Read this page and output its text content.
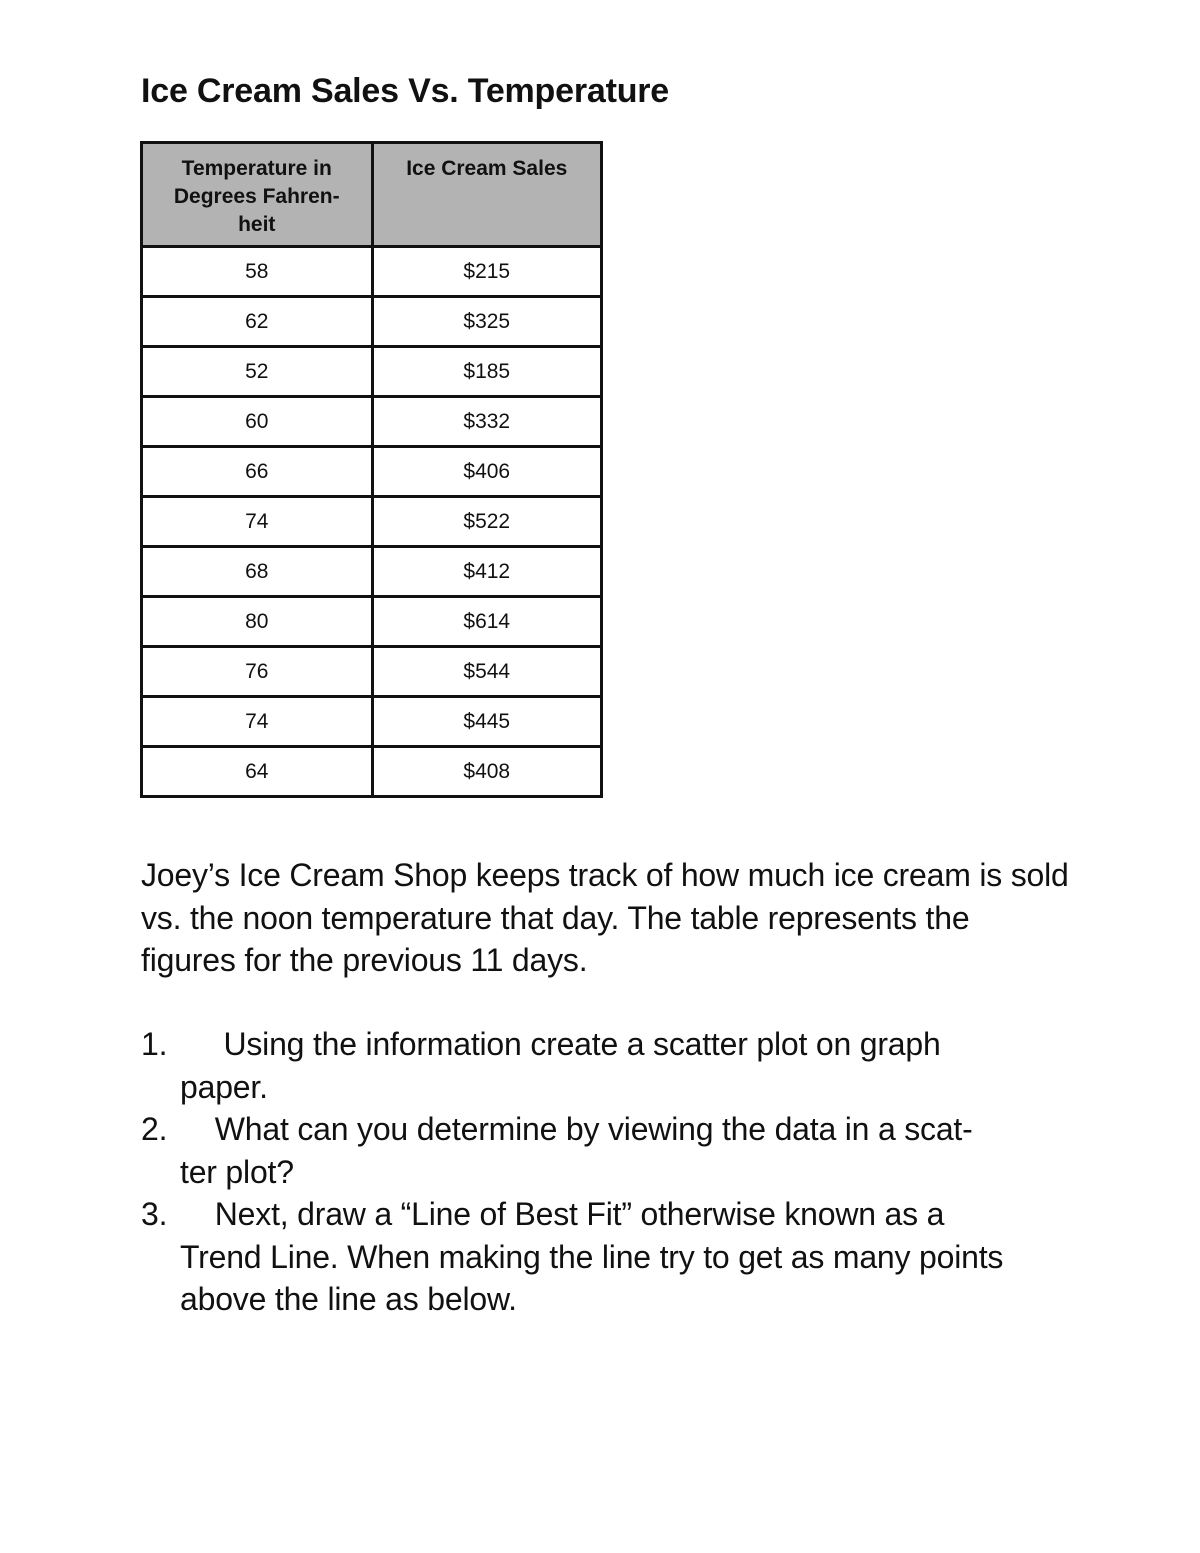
Ice Cream Sales Vs. Temperature
Temperature in Degrees Fahren-heit	Ice Cream Sales
58	$215
62	$325
52	$185
60	$332
66	$406
74	$522
68	$412
80	$614
76	$544
74	$445
64	$408

Joey’s Ice Cream Shop keeps track of how much ice cream is sold vs. the noon temperature that day. The table represents the figures for the previous 11 days.

1. Using the information create a scatter plot on graph
paper.
2. What can you determine by viewing the data in a scat-
ter plot?
3. Next, draw a “Line of Best Fit” otherwise known as a
Trend Line. When making the line try to get as many points above the line as below.
